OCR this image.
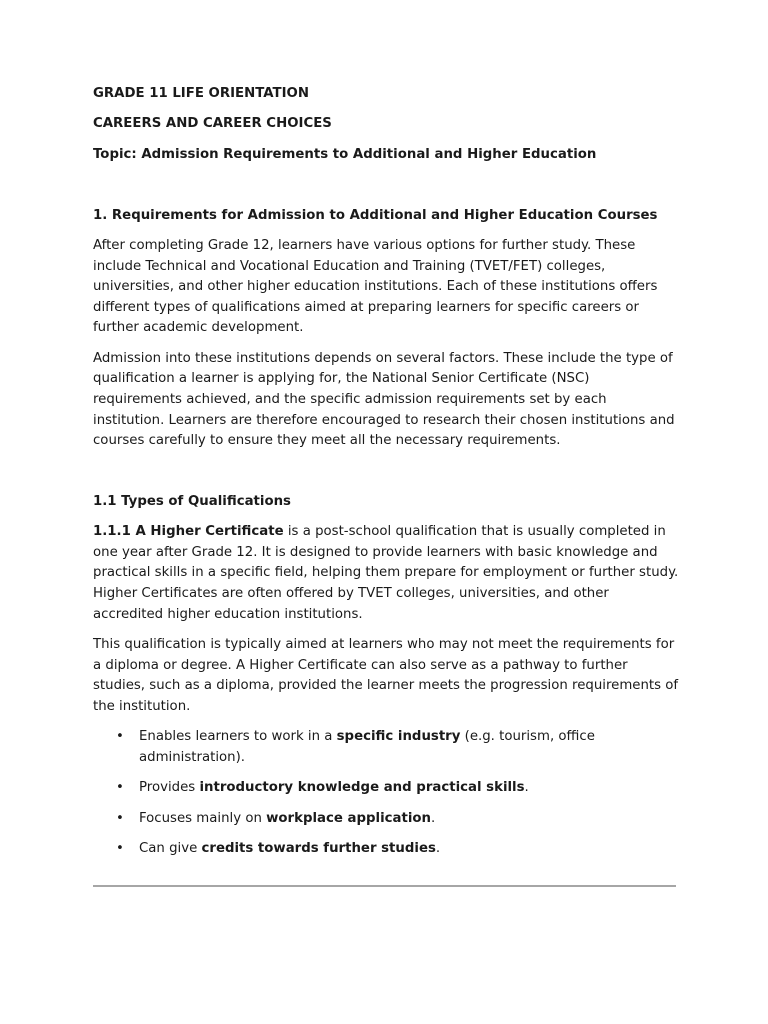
GRADE 11 LIFE ORIENTATION
CAREERS AND CAREER CHOICES
Topic: Admission Requirements to Additional and Higher Education
1. Requirements for Admission to Additional and Higher Education Courses

After completing Grade 12, learners have various options for further study. These include Technical and Vocational Education and Training (TVET/FET) colleges, universities, and other higher education institutions. Each of these institutions offers different types of qualifications aimed at preparing learners for specific careers or further academic development.

Admission into these institutions depends on several factors. These include the type of qualification a learner is applying for, the National Senior Certificate (NSC) requirements achieved, and the specific admission requirements set by each institution. Learners are therefore encouraged to research their chosen institutions and courses carefully to ensure they meet all the necessary requirements.

1.1 Types of Qualifications

1.1.1 A Higher Certificate is a post-school qualification that is usually completed in one year after Grade 12. It is designed to provide learners with basic knowledge and practical skills in a specific field, helping them prepare for employment or further study. Higher Certificates are often offered by TVET colleges, universities, and other accredited higher education institutions.

This qualification is typically aimed at learners who may not meet the requirements for a diploma or degree. A Higher Certificate can also serve as a pathway to further studies, such as a diploma, provided the learner meets the progression requirements of the institution.

• Enables learners to work in a specific industry (e.g. tourism, office administration).
• Provides introductory knowledge and practical skills.
• Focuses mainly on workplace application.
• Can give credits towards further studies.
